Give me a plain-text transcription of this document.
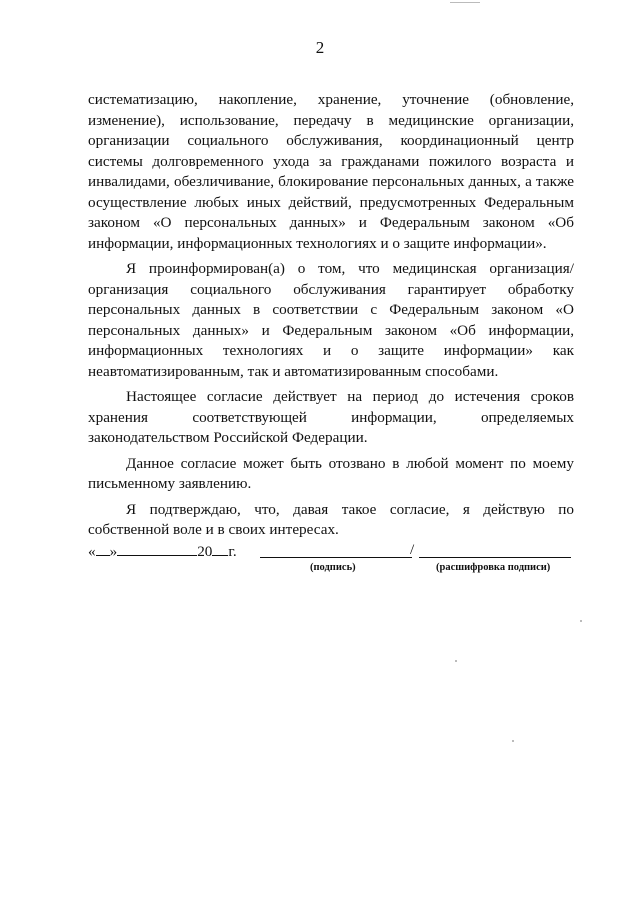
2

систематизацию, накопление, хранение, уточнение (обновление, изменение), использование, передачу в медицинские организации, организации социального обслуживания, координационный центр системы долговременного ухода за гражданами пожилого возраста и инвалидами, обезличивание, блокирование персональных данных, а также осуществление любых иных действий, предусмотренных Федеральным законом «О персональных данных» и Федеральным законом «Об информации, информационных технологиях и о защите информации».

Я проинформирован(а) о том, что медицинская организация/организация социального обслуживания гарантирует обработку персональных данных в соответствии с Федеральным законом «О персональных данных» и Федеральным законом «Об информации, информационных технологиях и о защите информации» как неавтоматизированным, так и автоматизированным способами.

Настоящее согласие действует на период до истечения сроков хранения соответствующей информации, определяемых законодательством Российской Федерации.

Данное согласие может быть отозвано в любой момент по моему письменному заявлению.

Я подтверждаю, что, давая такое согласие, я действую по собственной воле и в своих интересах.

« »	20 г.	/
(подпись)	(расшифровка подписи)
